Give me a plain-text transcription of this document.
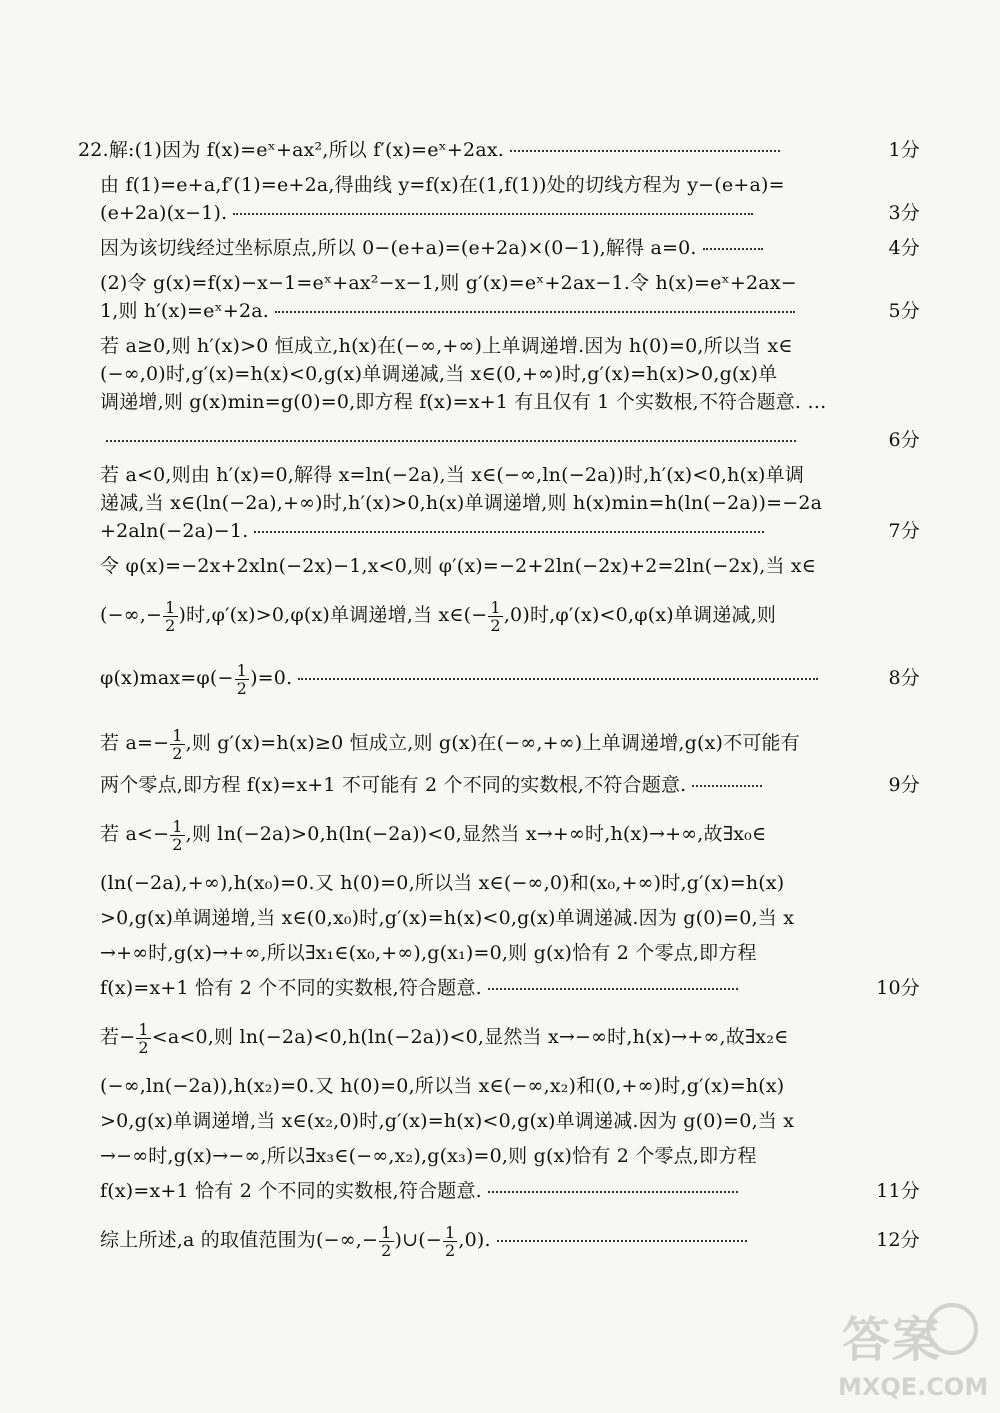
22.解:(1)因为 f(x)=eˣ+ax²,所以 f′(x)=eˣ+2ax.	1分
由 f(1)=e+a,f′(1)=e+2a,得曲线 y=f(x)在(1,f(1))处的切线方程为 y−(e+a)=
(e+2a)(x−1).	3分
因为该切线经过坐标原点,所以 0−(e+a)=(e+2a)×(0−1),解得 a=0.	4分
(2)令 g(x)=f(x)−x−1=eˣ+ax²−x−1,则 g′(x)=eˣ+2ax−1.令 h(x)=eˣ+2ax−
1,则 h′(x)=eˣ+2a.	5分
若 a≥0,则 h′(x)>0 恒成立,h(x)在(−∞,+∞)上单调递增.因为 h(0)=0,所以当 x∈
(−∞,0)时,g′(x)=h(x)<0,g(x)单调递减,当 x∈(0,+∞)时,g′(x)=h(x)>0,g(x)单
调递增,则 g(x)min=g(0)=0,即方程 f(x)=x+1 有且仅有 1 个实数根,不符合题意. …
6分
若 a<0,则由 h′(x)=0,解得 x=ln(−2a),当 x∈(−∞,ln(−2a))时,h′(x)<0,h(x)单调
递减,当 x∈(ln(−2a),+∞)时,h′(x)>0,h(x)单调递增,则 h(x)min=h(ln(−2a))=−2a
+2aln(−2a)−1.	7分
令 φ(x)=−2x+2xln(−2x)−1,x<0,则 φ′(x)=−2+2ln(−2x)+2=2ln(−2x),当 x∈
(−∞,− $\frac{1}{2}$ )时,φ′(x)>0,φ(x)单调递增,当 x∈(− $\frac{1}{2} ,0$)时,φ′(x)<0,φ(x)单调递减,则
$\varphi(x)\max=\varphi(- \frac{1}{2} )=0$.	8分
若 $a=- \frac{1}{2}$ ,则 g′(x)=h(x)≥0 恒成立,则 g(x)在(−∞,+∞)上单调递增,g(x)不可能有
两个零点,即方程 f(x)=x+1 不可能有 2 个不同的实数根,不符合题意.	9分
若 $a<- \frac{1}{2}$ ,则 ln(−2a)>0,h(ln(−2a))<0,显然当 x→+∞时,h(x)→+∞,故∃x₀∈
(ln(−2a),+∞),h(x₀)=0.又 h(0)=0,所以当 x∈(−∞,0)和(x₀,+∞)时,g′(x)=h(x)
>0,g(x)单调递增,当 x∈(0,x₀)时,g′(x)=h(x)<0,g(x)单调递减.因为 g(0)=0,当 x
→+∞时,g(x)→+∞,所以∃x₁∈(x₀,+∞),g(x₁)=0,则 g(x)恰有 2 个零点,即方程
f(x)=x+1 恰有 2 个不同的实数根,符合题意.	10分
若− $\frac{1}{2} <a<0$,则 ln(−2a)<0,h(ln(−2a))<0,显然当 x→−∞时,h(x)→+∞,故∃x₂∈
(−∞,ln(−2a)),h(x₂)=0.又 h(0)=0,所以当 x∈(−∞,x₂)和(0,+∞)时,g′(x)=h(x)
>0,g(x)单调递增,当 x∈(x₂,0)时,g′(x)=h(x)<0,g(x)单调递减.因为 g(0)=0,当 x
→−∞时,g(x)→−∞,所以∃x₃∈(−∞,x₂),g(x₃)=0,则 g(x)恰有 2 个零点,即方程
f(x)=x+1 恰有 2 个不同的实数根,符合题意.	11分
综上所述,a 的取值范围为(−∞,− $\frac{1}{2}$ )∪(− $\frac{1}{2} ,0$).	12分
答案
MXQE.COM
